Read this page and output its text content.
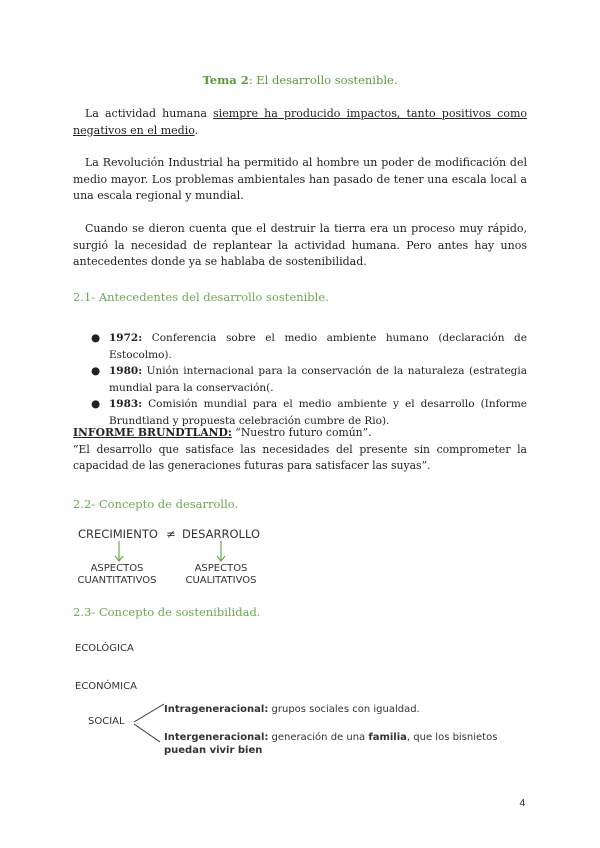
Tema 2: El desarrollo sostenible.
La actividad humana siempre ha producido impactos, tanto positivos como negativos en el medio.
La Revolución Industrial ha permitido al hombre un poder de modificación del medio mayor. Los problemas ambientales han pasado de tener una escala local a una escala regional y mundial.
Cuando se dieron cuenta que el destruir la tierra era un proceso muy rápido, surgió la necesidad de replantear la actividad humana. Pero antes hay unos antecedentes donde ya se hablaba de sostenibilidad.
2.1- Antecedentes del desarrollo sostenible.
● 1972: Conferencia sobre el medio ambiente humano (declaración de Estocolmo).
● 1980: Unión internacional para la conservación de la naturaleza (estrategia mundial para la conservación(.
● 1983: Comisión mundial para el medio ambiente y el desarrollo (Informe Brundtland y propuesta celebración cumbre de Rio).
INFORME BRUNDTLAND: “Nuestro futuro común”.
“El desarrollo que satisface las necesidades del presente sin comprometer la capacidad de las generaciones futuras para satisfacer las suyas”.
2.2- Concepto de desarrollo.
CRECIMIENTO ≠ DESARROLLO
ASPECTOS
CUANTITATIVOS
ASPECTOS
CUALITATIVOS
2.3- Concepto de sostenibilidad.
ECOLÓGICA
ECONÓMICA
SOCIAL
Intrageneracional: grupos sociales con igualdad.
Intergeneracional: generación de una familia, que los bisnietos
puedan vivir bien
4
